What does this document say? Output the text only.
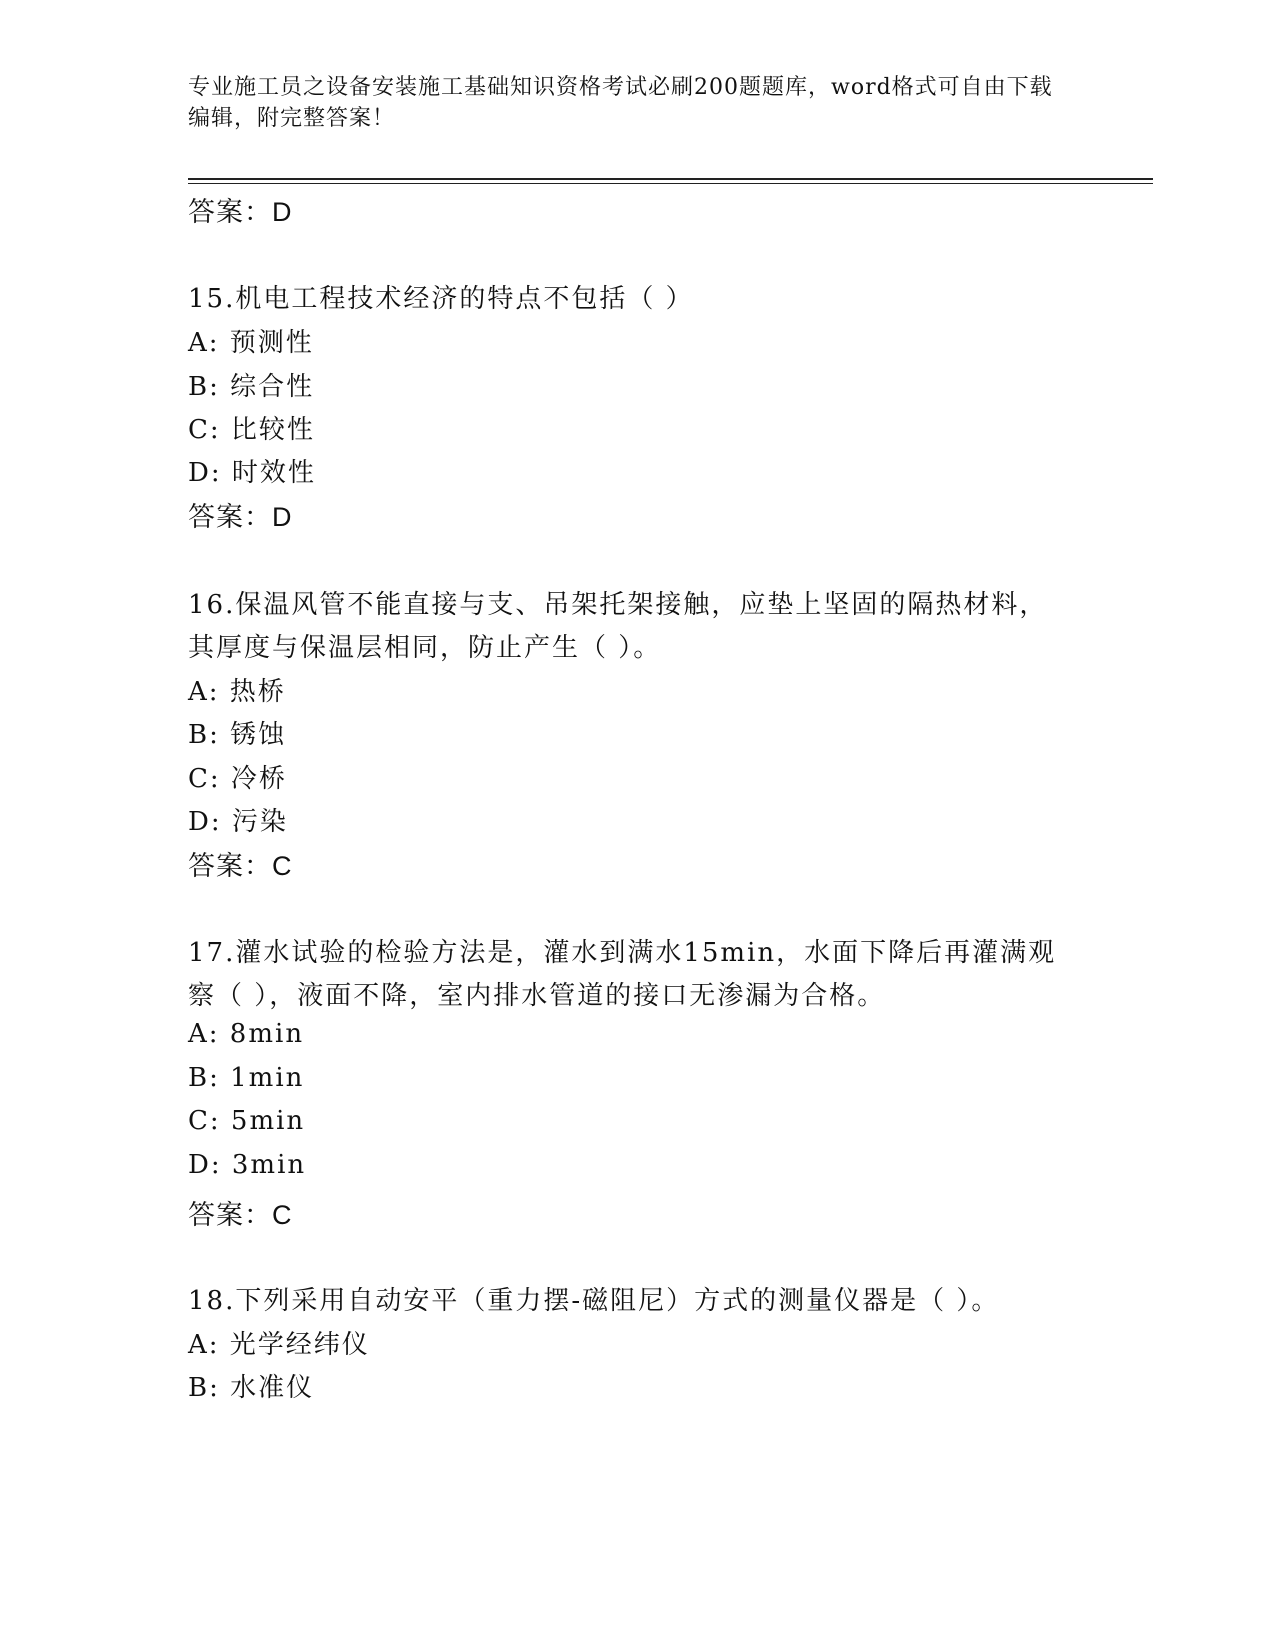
专业施工员之设备安装施工基础知识资格考试必刷200题题库，word格式可自由下载编辑，附完整答案！
答案：D
15.机电工程技术经济的特点不包括（ ）
A: 预测性
B: 综合性
C: 比较性
D: 时效性
答案：D
16.保温风管不能直接与支、吊架托架接触，应垫上坚固的隔热材料，
其厚度与保温层相同，防止产生（ ）。
A: 热桥
B: 锈蚀
C: 冷桥
D: 污染
答案：C
17.灌水试验的检验方法是，灌水到满水15min，水面下降后再灌满观
察（ ），液面不降，室内排水管道的接口无渗漏为合格。
A: 8min
B: 1min
C: 5min
D: 3min
答案：C
18.下列采用自动安平（重力摆-磁阻尼）方式的测量仪器是（ ）。
A: 光学经纬仪
B: 水准仪
